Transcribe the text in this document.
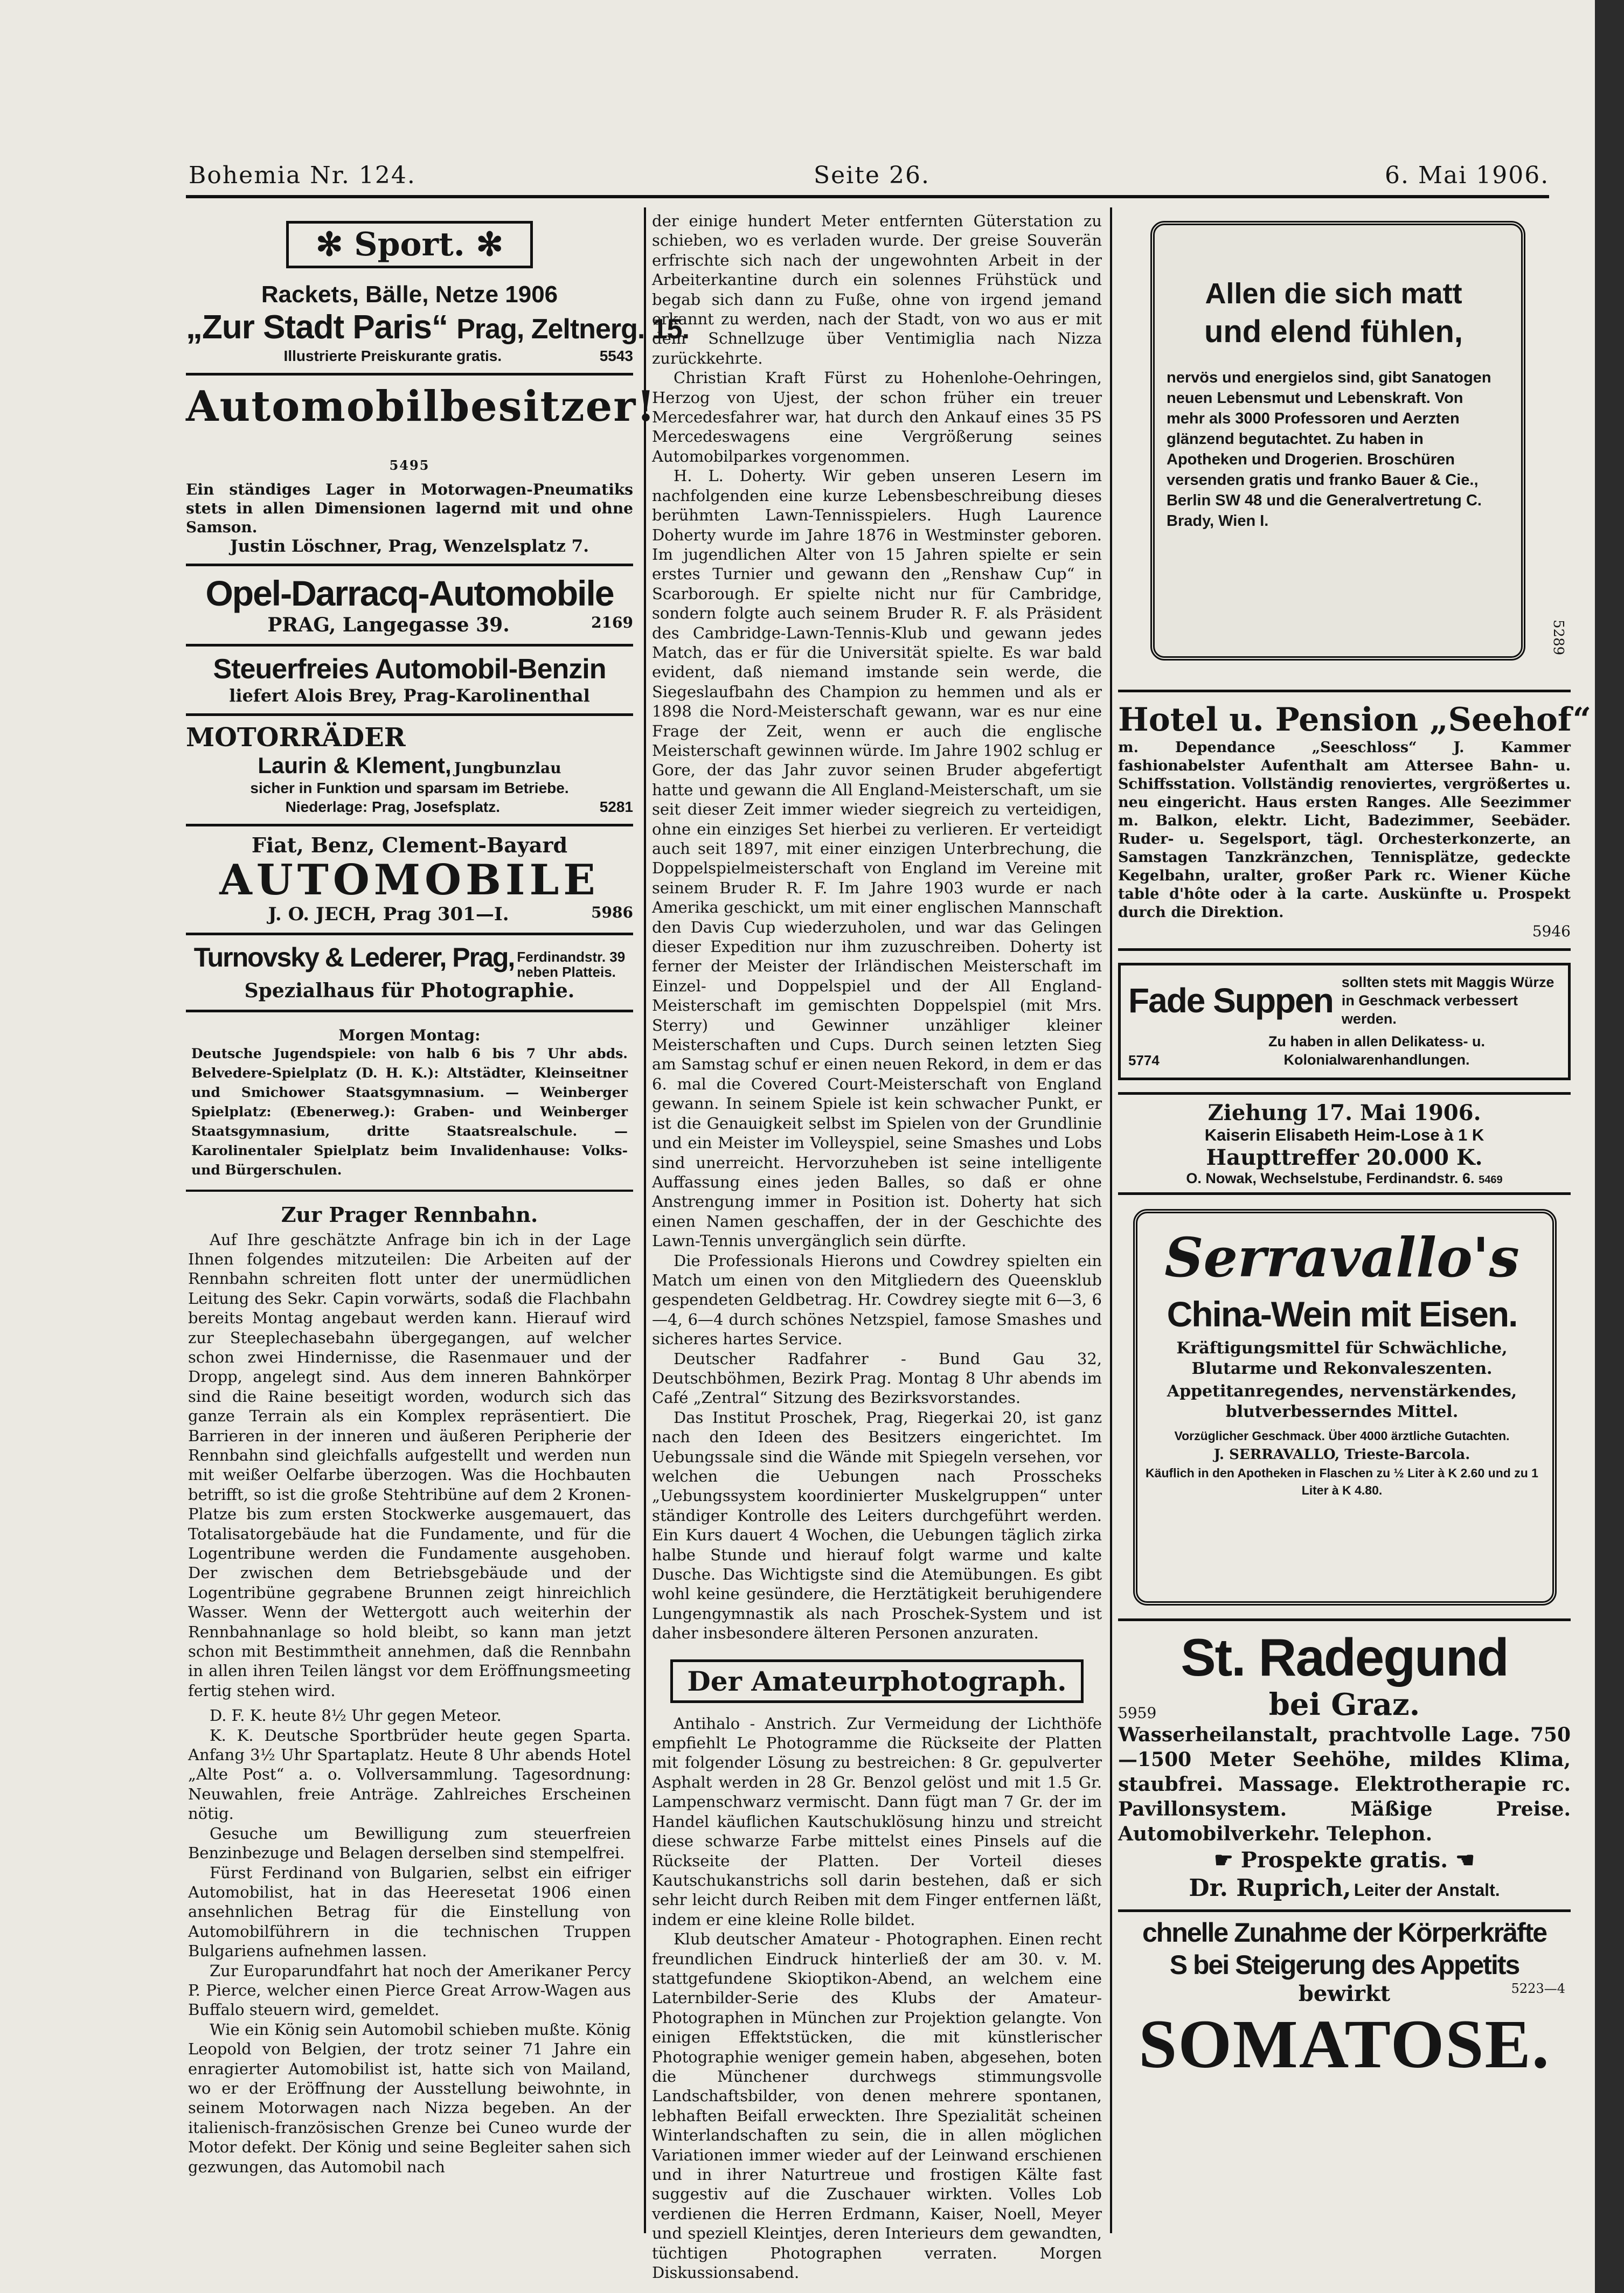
Bohemia Nr. 124.	Seite 26.	6. Mai 1906.
✻ Sport. ✻
Rackets, Bälle, Netze 1906
„Zur Stadt Paris“ Prag, Zeltnerg. 15.
Illustrierte Preiskurante gratis.	5543
Automobilbesitzer! 5495
Ein ständiges Lager in Motorwagen-Pneumatiks stets in allen Dimensionen lagernd mit und ohne Samson.
Justin Löschner, Prag, Wenzelsplatz 7.
Opel-Darracq-Automobile
PRAG, Langegasse 39.	2169
Steuerfreies Automobil-Benzin
liefert Alois Brey, Prag-Karolinenthal
MOTORRÄDER
Laurin & Klement, Jungbunzlau
sicher in Funktion und sparsam im Betriebe.
Niederlage: Prag, Josefsplatz.	5281
Fiat, Benz, Clement-Bayard
AUTOMOBILE
J. O. JECH, Prag 301—I.	5986
Turnovsky & Lederer, Prag, Ferdinandstr. 39
neben Platteis.
Spezialhaus für Photographie.
Morgen Montag:
Deutsche Jugendspiele: von halb 6 bis 7 Uhr abds. Belvedere-Spielplatz (D. H. K.): Altstädter, Kleinseitner und Smichower Staatsgymnasium. — Weinberger Spielplatz: (Ebenerweg.): Graben- und Weinberger Staatsgymnasium, dritte Staatsrealschule. — Karolinentaler Spielplatz beim Invalidenhause: Volks- und Bürgerschulen.
Zur Prager Rennbahn.
Auf Ihre geschätzte Anfrage bin ich in der Lage Ihnen folgendes mitzuteilen: Die Arbeiten auf der Rennbahn schreiten flott unter der unermüdlichen Leitung des Sekr. Capin vorwärts, sodaß die Flachbahn bereits Montag angebaut werden kann. Hierauf wird zur Steeplechasebahn übergegangen, auf welcher schon zwei Hindernisse, die Rasenmauer und der Dropp, angelegt sind. Aus dem inneren Bahnkörper sind die Raine beseitigt worden, wodurch sich das ganze Terrain als ein Komplex repräsentiert. Die Barrieren in der inneren und äußeren Peripherie der Rennbahn sind gleichfalls aufgestellt und werden nun mit weißer Oelfarbe überzogen. Was die Hochbauten betrifft, so ist die große Stehtribüne auf dem 2 Kronen-Platze bis zum ersten Stockwerke ausgemauert, das Totalisatorgebäude hat die Fundamente, und für die Logentribune werden die Fundamente ausgehoben. Der zwischen dem Betriebsgebäude und der Logentribüne gegrabene Brunnen zeigt hinreichlich Wasser. Wenn der Wettergott auch weiterhin der Rennbahnanlage so hold bleibt, so kann man jetzt schon mit Bestimmtheit annehmen, daß die Rennbahn in allen ihren Teilen längst vor dem Eröffnungsmeeting fertig stehen wird.
D. F. K. heute 8½ Uhr gegen Meteor.
K. K. Deutsche Sportbrüder heute gegen Sparta. Anfang 3½ Uhr Spartaplatz. Heute 8 Uhr abends Hotel „Alte Post“ a. o. Vollversammlung. Tagesordnung: Neuwahlen, freie Anträge. Zahlreiches Erscheinen nötig.
Gesuche um Bewilligung zum steuerfreien Benzinbezuge und Belagen derselben sind stempelfrei.
Fürst Ferdinand von Bulgarien, selbst ein eifriger Automobilist, hat in das Heeresetat 1906 einen ansehnlichen Betrag für die Einstellung von Automobilführern in die technischen Truppen Bulgariens aufnehmen lassen.
Zur Europarundfahrt hat noch der Amerikaner Percy P. Pierce, welcher einen Pierce Great Arrow-Wagen aus Buffalo steuern wird, gemeldet.
Wie ein König sein Automobil schieben mußte. König Leopold von Belgien, der trotz seiner 71 Jahre ein enragierter Automobilist ist, hatte sich von Mailand, wo er der Eröffnung der Ausstellung beiwohnte, in seinem Motorwagen nach Nizza begeben. An der italienisch-französischen Grenze bei Cuneo wurde der Motor defekt. Der König und seine Begleiter sahen sich gezwungen, das Automobil nach
der einige hundert Meter entfernten Güterstation zu schieben, wo es verladen wurde. Der greise Souverän erfrischte sich nach der ungewohnten Arbeit in der Arbeiterkantine durch ein solennes Frühstück und begab sich dann zu Fuße, ohne von irgend jemand erkannt zu werden, nach der Stadt, von wo aus er mit dem Schnellzuge über Ventimiglia nach Nizza zurückkehrte.
Christian Kraft Fürst zu Hohenlohe-Oehringen, Herzog von Ujest, der schon früher ein treuer Mercedesfahrer war, hat durch den Ankauf eines 35 PS Mercedeswagens eine Vergrößerung seines Automobilparkes vorgenommen.
H. L. Doherty. Wir geben unseren Lesern im nachfolgenden eine kurze Lebensbeschreibung dieses berühmten Lawn-Tennisspielers. Hugh Laurence Doherty wurde im Jahre 1876 in Westminster geboren. Im jugendlichen Alter von 15 Jahren spielte er sein erstes Turnier und gewann den „Renshaw Cup“ in Scarborough. Er spielte nicht nur für Cambridge, sondern folgte auch seinem Bruder R. F. als Präsident des Cambridge-Lawn-Tennis-Klub und gewann jedes Match, das er für die Universität spielte. Es war bald evident, daß niemand imstande sein werde, die Siegeslaufbahn des Champion zu hemmen und als er 1898 die Nord-Meisterschaft gewann, war es nur eine Frage der Zeit, wenn er auch die englische Meisterschaft gewinnen würde. Im Jahre 1902 schlug er Gore, der das Jahr zuvor seinen Bruder abgefertigt hatte und gewann die All England-Meisterschaft, um sie seit dieser Zeit immer wieder siegreich zu verteidigen, ohne ein einziges Set hierbei zu verlieren. Er verteidigt auch seit 1897, mit einer einzigen Unterbrechung, die Doppelspielmeisterschaft von England im Vereine mit seinem Bruder R. F. Im Jahre 1903 wurde er nach Amerika geschickt, um mit einer englischen Mannschaft den Davis Cup wiederzuholen, und war das Gelingen dieser Expedition nur ihm zuzuschreiben. Doherty ist ferner der Meister der Irländischen Meisterschaft im Einzel- und Doppelspiel und der All England-Meisterschaft im gemischten Doppelspiel (mit Mrs. Sterry) und Gewinner unzähliger kleiner Meisterschaften und Cups. Durch seinen letzten Sieg am Samstag schuf er einen neuen Rekord, in dem er das 6. mal die Covered Court-Meisterschaft von England gewann. In seinem Spiele ist kein schwacher Punkt, er ist die Genauigkeit selbst im Spielen von der Grundlinie und ein Meister im Volleyspiel, seine Smashes und Lobs sind unerreicht. Hervorzuheben ist seine intelligente Auffassung eines jeden Balles, so daß er ohne Anstrengung immer in Position ist. Doherty hat sich einen Namen geschaffen, der in der Geschichte des Lawn-Tennis unvergänglich sein dürfte.
Die Professionals Hierons und Cowdrey spielten ein Match um einen von den Mitgliedern des Queensklub gespendeten Geldbetrag. Hr. Cowdrey siegte mit 6—3, 6—4, 6—4 durch schönes Netzspiel, famose Smashes und sicheres hartes Service.
Deutscher Radfahrer - Bund Gau 32, Deutschböhmen, Bezirk Prag. Montag 8 Uhr abends im Café „Zentral“ Sitzung des Bezirksvorstandes.
Das Institut Proschek, Prag, Riegerkai 20, ist ganz nach den Ideen des Besitzers eingerichtet. Im Uebungssale sind die Wände mit Spiegeln versehen, vor welchen die Uebungen nach Prosscheks „Uebungssystem koordinierter Muskelgruppen“ unter ständiger Kontrolle des Leiters durchgeführt werden. Ein Kurs dauert 4 Wochen, die Uebungen täglich zirka halbe Stunde und hierauf folgt warme und kalte Dusche. Das Wichtigste sind die Atemübungen. Es gibt wohl keine gesündere, die Herztätigkeit beruhigendere Lungengymnastik als nach Proschek-System und ist daher insbesondere älteren Personen anzuraten.
Der Amateurphotograph.
Antihalo - Anstrich. Zur Vermeidung der Lichthöfe empfiehlt Le Photogramme die Rückseite der Platten mit folgender Lösung zu bestreichen: 8 Gr. gepulverter Asphalt werden in 28 Gr. Benzol gelöst und mit 1.5 Gr. Lampenschwarz vermischt. Dann fügt man 7 Gr. der im Handel käuflichen Kautschuklösung hinzu und streicht diese schwarze Farbe mittelst eines Pinsels auf die Rückseite der Platten. Der Vorteil dieses Kautschukanstrichs soll darin bestehen, daß er sich sehr leicht durch Reiben mit dem Finger entfernen läßt, indem er eine kleine Rolle bildet.
Klub deutscher Amateur - Photographen. Einen recht freundlichen Eindruck hinterließ der am 30. v. M. stattgefundene Skioptikon-Abend, an welchem eine Laternbilder-Serie des Klubs der Amateur-Photographen in München zur Projektion gelangte. Von einigen Effektstücken, die mit künstlerischer Photographie weniger gemein haben, abgesehen, boten die Münchener durchwegs stimmungsvolle Landschaftsbilder, von denen mehrere spontanen, lebhaften Beifall erweckten. Ihre Spezialität scheinen Winterlandschaften zu sein, die in allen möglichen Variationen immer wieder auf der Leinwand erschienen und in ihrer Naturtreue und frostigen Kälte fast suggestiv auf die Zuschauer wirkten. Volles Lob verdienen die Herren Erdmann, Kaiser, Noell, Meyer und speziell Kleintjes, deren Interieurs dem gewandten, tüchtigen Photographen verraten. Morgen Diskussionsabend.
Allen die sich matt
und elend fühlen,
nervös und energielos sind, gibt Sanatogen neuen Lebensmut und Lebenskraft. Von mehr als 3000 Professoren und Aerzten glänzend begutachtet. Zu haben in Apotheken und Drogerien. Broschüren versenden gratis und franko Bauer & Cie., Berlin SW 48 und die Generalvertretung C. Brady, Wien I.
5289
Hotel u. Pension „Seehof“
m. Dependance „Seeschloss“ J. Kammer fashionabelster Aufenthalt am Attersee Bahn- u. Schiffsstation. Vollständig renoviertes, vergrößertes u. neu eingericht. Haus ersten Ranges. Alle Seezimmer m. Balkon, elektr. Licht, Badezimmer, Seebäder. Ruder- u. Segelsport, tägl. Orchesterkonzerte, an Samstagen Tanzkränzchen, Tennisplätze, gedeckte Kegelbahn, uralter, großer Park rc. Wiener Küche table d'hôte oder à la carte. Auskünfte u. Prospekt durch die Direktion.
5946
Fade Suppen sollten stets mit Maggis Würze in Geschmack verbessert werden.
5774
Zu haben in allen Delikatess- u. Kolonialwarenhandlungen.
Ziehung 17. Mai 1906.
Kaiserin Elisabeth Heim-Lose à 1 K
Haupttreffer 20.000 K.
O. Nowak, Wechselstube, Ferdinandstr. 6. 5469
Serravallo's
China-Wein mit Eisen.
Kräftigungsmittel für Schwächliche, Blutarme und Rekonvaleszenten.
Appetitanregendes, nervenstärkendes, blutverbesserndes Mittel.
Vorzüglicher Geschmack. Über 4000 ärztliche Gutachten.
J. SERRAVALLO, Trieste-Barcola.
Käuflich in den Apotheken in Flaschen zu ½ Liter à K 2.60 und zu 1 Liter à K 4.80.
St. Radegund
5959	bei Graz.
Wasserheilanstalt, prachtvolle Lage. 750—1500 Meter Seehöhe, mildes Klima, staubfrei. Massage. Elektrotherapie rc. Pavillonsystem. Mäßige Preise. Automobilverkehr. Telephon.
☛ Prospekte gratis. ☚
Dr. Ruprich, Leiter der Anstalt.
chnelle Zunahme der Körperkräfte
S bei Steigerung des Appetits
bewirkt	5223—4
SOMATOSE.
